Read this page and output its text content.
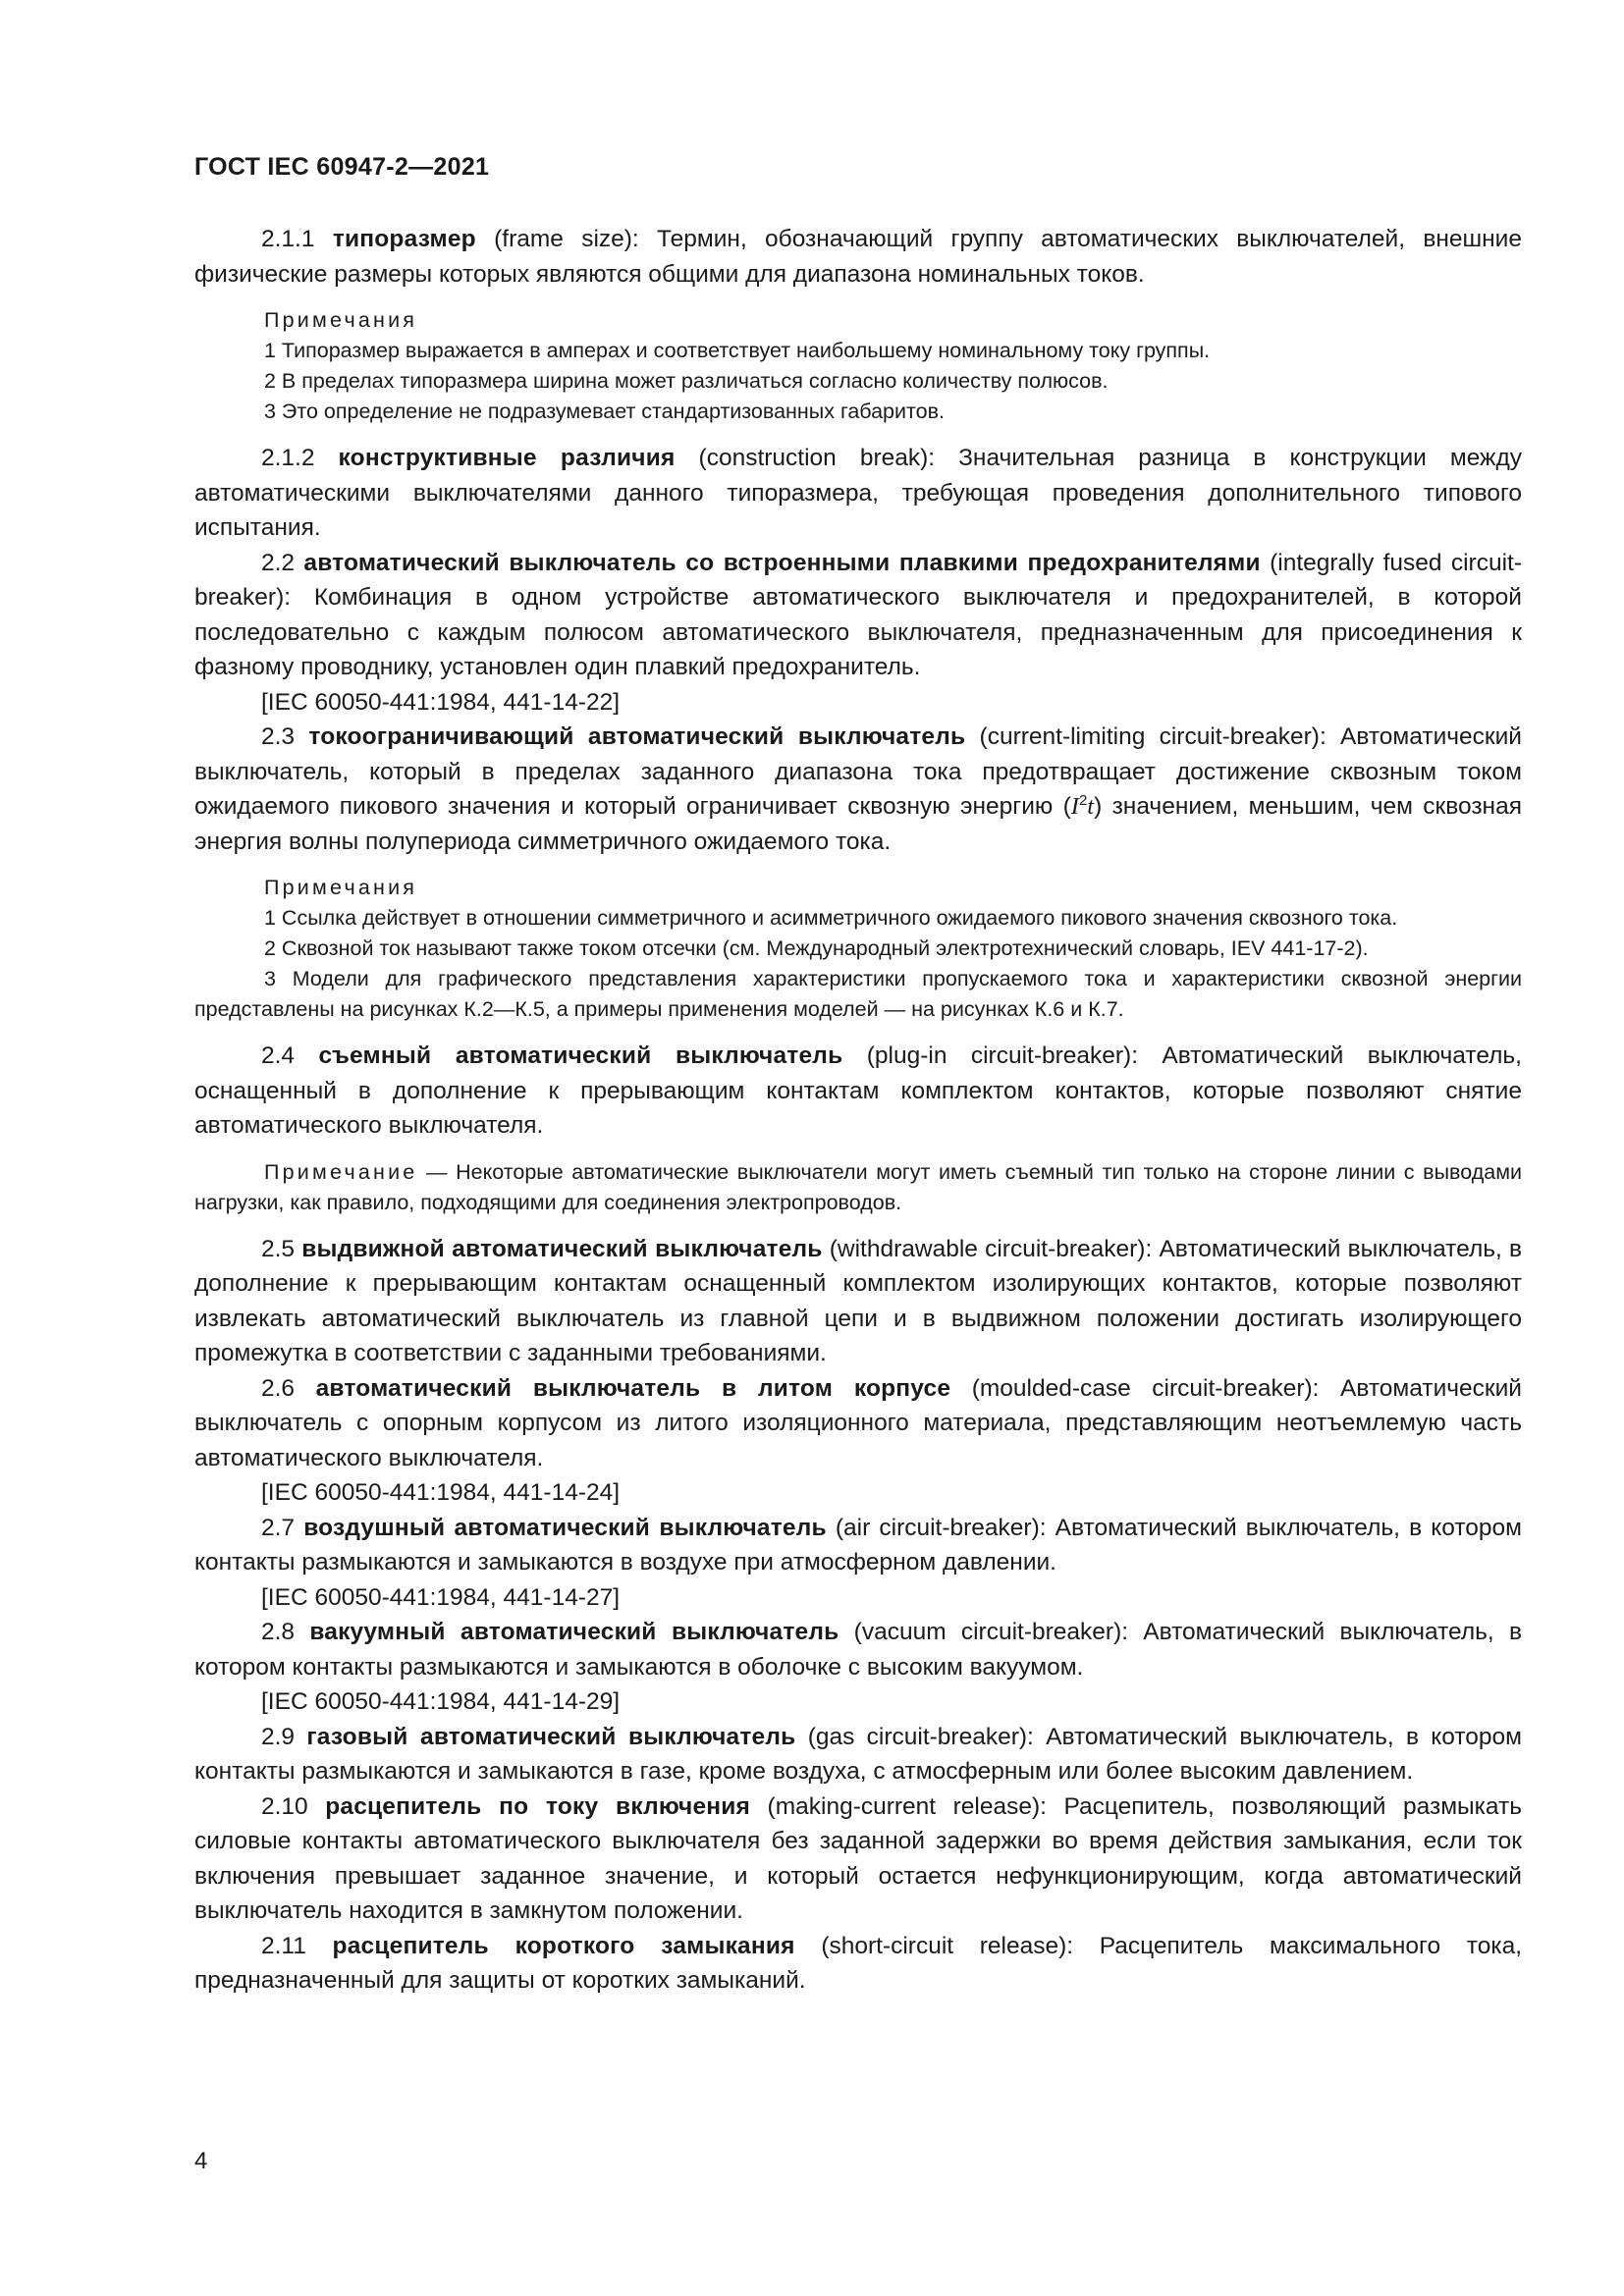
ГОСТ IEC 60947-2—2021

2.1.1 типоразмер (frame size): Термин, обозначающий группу автоматических выключателей, внешние физические размеры которых являются общими для диапазона номинальных токов.

Примечания

1 Типоразмер выражается в амперах и соответствует наибольшему номинальному току группы.

2 В пределах типоразмера ширина может различаться согласно количеству полюсов.

3 Это определение не подразумевает стандартизованных габаритов.

2.1.2 конструктивные различия (construction break): Значительная разница в конструкции между автоматическими выключателями данного типоразмера, требующая проведения дополнительного типового испытания.

2.2 автоматический выключатель со встроенными плавкими предохранителями (integrally fused circuit-breaker): Комбинация в одном устройстве автоматического выключателя и предохранителей, в которой последовательно с каждым полюсом автоматического выключателя, предназначенным для присоединения к фазному проводнику, установлен один плавкий предохранитель.

[IEC 60050-441:1984, 441-14-22]

2.3 токоограничивающий автоматический выключатель (current-limiting circuit-breaker): Автоматический выключатель, который в пределах заданного диапазона тока предотвращает достижение сквозным током ожидаемого пикового значения и который ограничивает сквозную энергию $(I^2t)$ значением, меньшим, чем сквозная энергия волны полупериода симметричного ожидаемого тока.

Примечания

1 Ссылка действует в отношении симметричного и асимметричного ожидаемого пикового значения сквозного тока.

2 Сквозной ток называют также током отсечки (см. Международный электротехнический словарь, IEV 441-17-2).

3 Модели для графического представления характеристики пропускаемого тока и характеристики сквозной энергии представлены на рисунках К.2—К.5, а примеры применения моделей — на рисунках К.6 и К.7.

2.4 съемный автоматический выключатель (plug-in circuit-breaker): Автоматический выключатель, оснащенный в дополнение к прерывающим контактам комплектом контактов, которые позволяют снятие автоматического выключателя.

Примечание — Некоторые автоматические выключатели могут иметь съемный тип только на стороне линии с выводами нагрузки, как правило, подходящими для соединения электропроводов.

2.5 выдвижной автоматический выключатель (withdrawable circuit-breaker): Автоматический выключатель, в дополнение к прерывающим контактам оснащенный комплектом изолирующих контактов, которые позволяют извлекать автоматический выключатель из главной цепи и в выдвижном положении достигать изолирующего промежутка в соответствии с заданными требованиями.

2.6 автоматический выключатель в литом корпусе (moulded-case circuit-breaker): Автоматический выключатель с опорным корпусом из литого изоляционного материала, представляющим неотъемлемую часть автоматического выключателя.

[IEC 60050-441:1984, 441-14-24]

2.7 воздушный автоматический выключатель (air circuit-breaker): Автоматический выключатель, в котором контакты размыкаются и замыкаются в воздухе при атмосферном давлении.

[IEC 60050-441:1984, 441-14-27]

2.8 вакуумный автоматический выключатель (vacuum circuit-breaker): Автоматический выключатель, в котором контакты размыкаются и замыкаются в оболочке с высоким вакуумом.

[IEC 60050-441:1984, 441-14-29]

2.9 газовый автоматический выключатель (gas circuit-breaker): Автоматический выключатель, в котором контакты размыкаются и замыкаются в газе, кроме воздуха, с атмосферным или более высоким давлением.

2.10 расцепитель по току включения (making-current release): Расцепитель, позволяющий размыкать силовые контакты автоматического выключателя без заданной задержки во время действия замыкания, если ток включения превышает заданное значение, и который остается нефункционирующим, когда автоматический выключатель находится в замкнутом положении.

2.11 расцепитель короткого замыкания (short-circuit release): Расцепитель максимального тока, предназначенный для защиты от коротких замыканий.

4
